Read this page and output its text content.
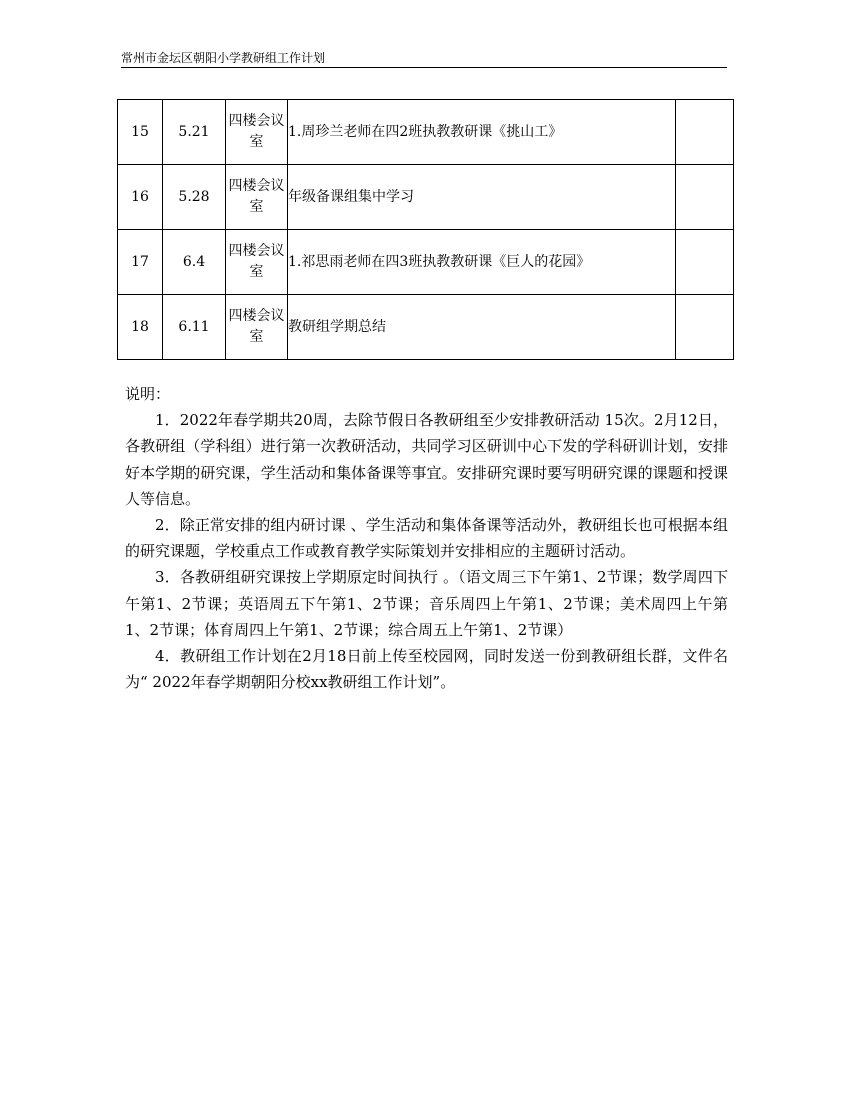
常州市金坛区朝阳小学教研组工作计划
15	5.21	四楼会议室	1.周珍兰老师在四2班执教教研课《挑山工》	
16	5.28	四楼会议室	年级备课组集中学习	
17	6.4	四楼会议室	1.祁思雨老师在四3班执教教研课《巨人的花园》	
18	6.11	四楼会议室	教研组学期总结	

说明：

1．2022年春学期共20周，去除节假日各教研组至少安排教研活动 15次。2月12日，各教研组（学科组）进行第一次教研活动，共同学习区研训中心下发的学科研训计划，安排好本学期的研究课，学生活动和集体备课等事宜。安排研究课时要写明研究课的课题和授课人等信息。

2．除正常安排的组内研讨课 、学生活动和集体备课等活动外，教研组长也可根据本组的研究课题，学校重点工作或教育教学实际策划并安排相应的主题研讨活动。

3．各教研组研究课按上学期原定时间执行 。（语文周三下午第1、2节课；数学周四下午第1、2节课；英语周五下午第1、2节课；音乐周四上午第1、2节课；美术周四上午第1、2节课；体育周四上午第1、2节课；综合周五上午第1、2节课）

4．教研组工作计划在2月18日前上传至校园网，同时发送一份到教研组长群，文件名为“ 2022年春学期朝阳分校xx教研组工作计划”。
